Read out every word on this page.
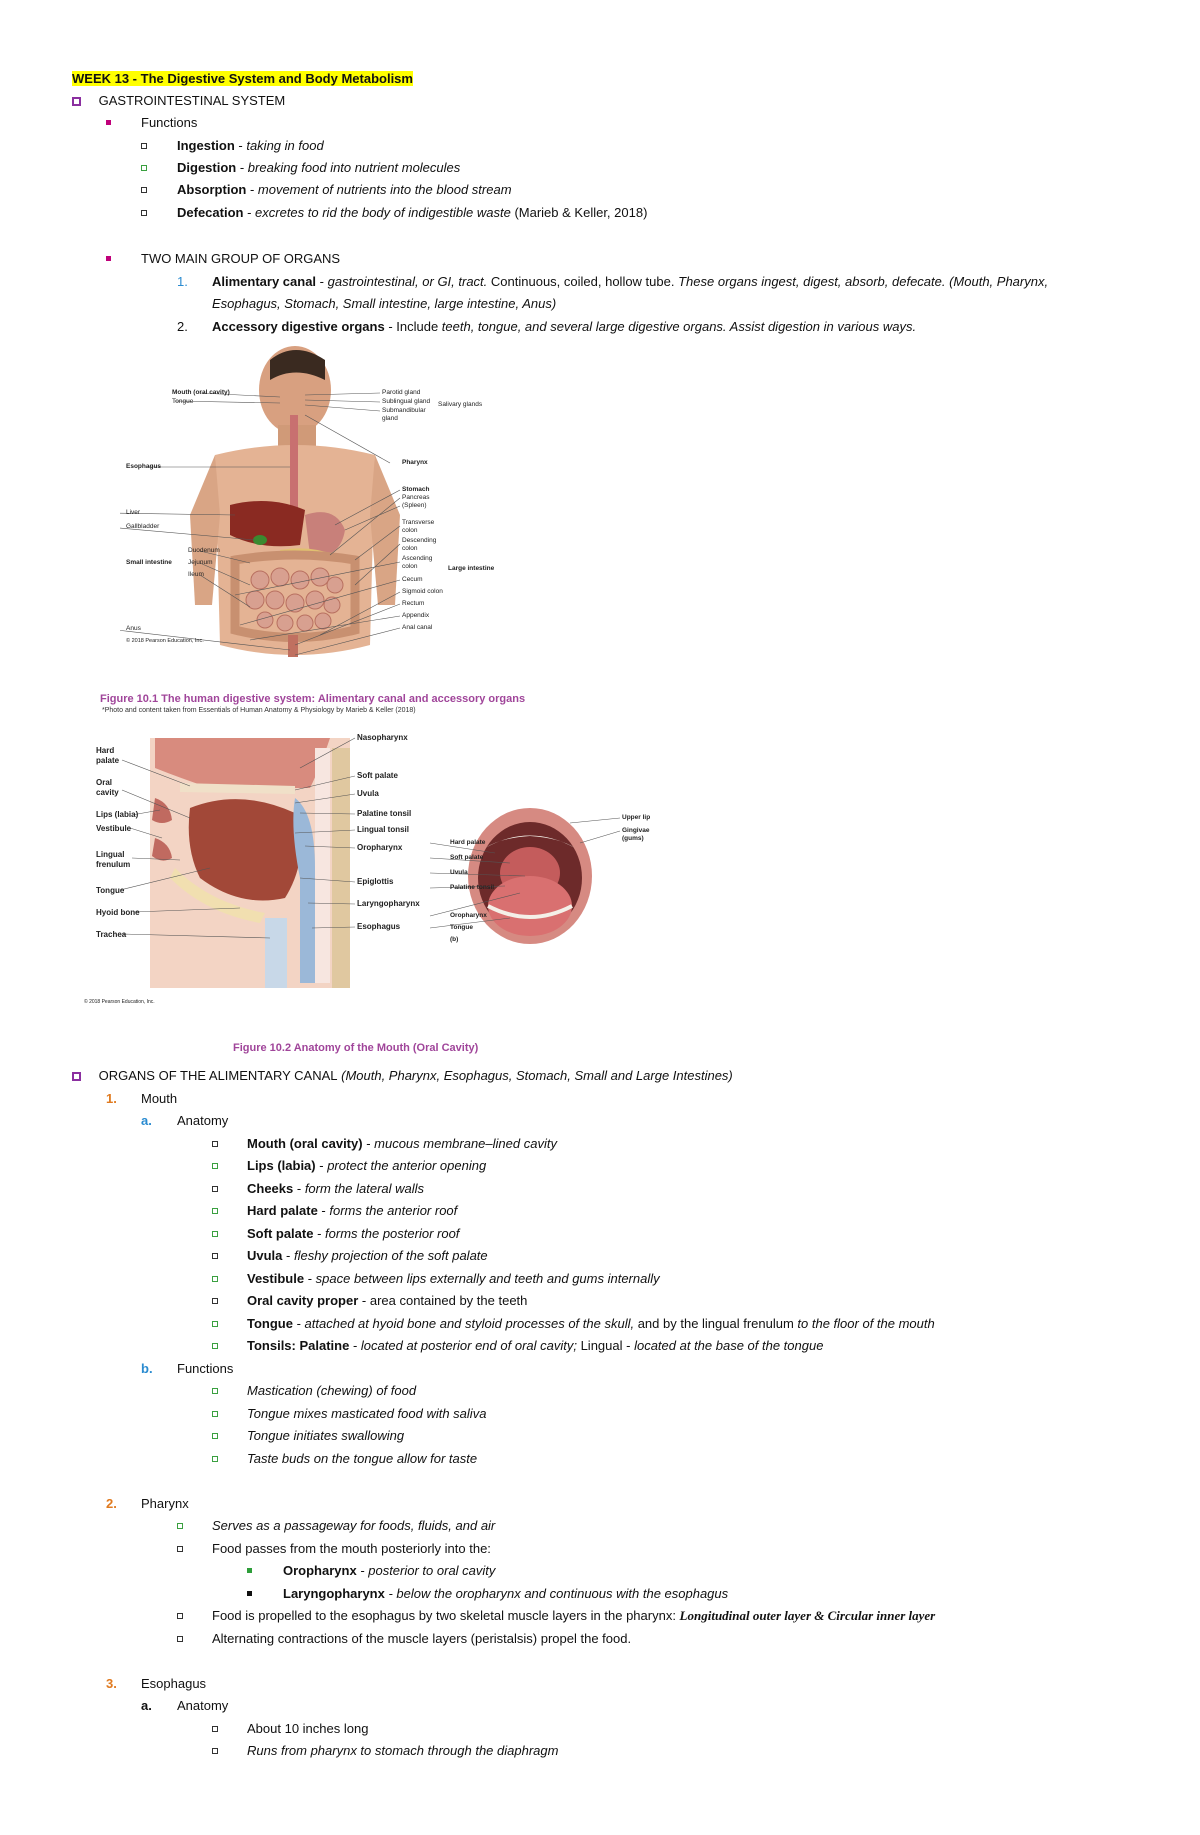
WEEK 13 - The Digestive System and Body Metabolism
GASTROINTESTINAL SYSTEM
Functions
Ingestion - taking in food
Digestion - breaking food into nutrient molecules
Absorption - movement of nutrients into the blood stream
Defecation - excretes to rid the body of indigestible waste (Marieb & Keller, 2018)
TWO MAIN GROUP OF ORGANS
1. Alimentary canal - gastrointestinal, or GI, tract. Continuous, coiled, hollow tube. These organs ingest, digest, absorb, defecate. (Mouth, Pharynx,
Esophagus, Stomach, Small intestine, large intestine, Anus)
2. Accessory digestive organs - Include teeth, tongue, and several large digestive organs. Assist digestion in various ways.
Mouth (oral cavity)
Tongue
Esophagus
Liver
Gallbladder
Small intestine
Duodenum
Jejunum
Ileum
Anus
© 2018 Pearson Education, Inc.
Parotid gland
Sublingual gland
Submandibular gland
Salivary glands
Pharynx
Stomach
Pancreas
(Spleen)
Transverse colon
Descending colon
Ascending colon
Cecum
Sigmoid colon
Rectum
Appendix
Anal canal
Large intestine
Figure 10.1 The human digestive system: Alimentary canal and accessory organs
*Photo and content taken from Essentials of Human Anatomy & Physiology by Marieb & Keller (2018)
Hard palate
Oral cavity
Lips (labia)
Vestibule
Lingual frenulum
Tongue
Hyoid bone
Trachea
© 2018 Pearson Education, Inc.
Nasopharynx
Soft palate
Uvula
Palatine tonsil
Lingual tonsil
Oropharynx
Epiglottis
Laryngopharynx
Esophagus
Hard palate
Soft palate
Uvula
Palatine tonsil
Oropharynx
Tongue
(b)
Upper lip
Gingivae (gums)
Figure 10.2 Anatomy of the Mouth (Oral Cavity)
ORGANS OF THE ALIMENTARY CANAL (Mouth, Pharynx, Esophagus, Stomach, Small and Large Intestines)
1. Mouth
a. Anatomy
Mouth (oral cavity) - mucous membrane–lined cavity
Lips (labia) - protect the anterior opening
Cheeks - form the lateral walls
Hard palate - forms the anterior roof
Soft palate - forms the posterior roof
Uvula - fleshy projection of the soft palate
Vestibule - space between lips externally and teeth and gums internally
Oral cavity proper - area contained by the teeth
Tongue - attached at hyoid bone and styloid processes of the skull, and by the lingual frenulum to the floor of the mouth
Tonsils: Palatine - located at posterior end of oral cavity; Lingual - located at the base of the tongue
b. Functions
Mastication (chewing) of food
Tongue mixes masticated food with saliva
Tongue initiates swallowing
Taste buds on the tongue allow for taste
2. Pharynx
Serves as a passageway for foods, fluids, and air
Food passes from the mouth posteriorly into the:
Oropharynx - posterior to oral cavity
Laryngopharynx - below the oropharynx and continuous with the esophagus
Food is propelled to the esophagus by two skeletal muscle layers in the pharynx: Longitudinal outer layer & Circular inner layer
Alternating contractions of the muscle layers (peristalsis) propel the food.
3. Esophagus
a. Anatomy
About 10 inches long
Runs from pharynx to stomach through the diaphragm
